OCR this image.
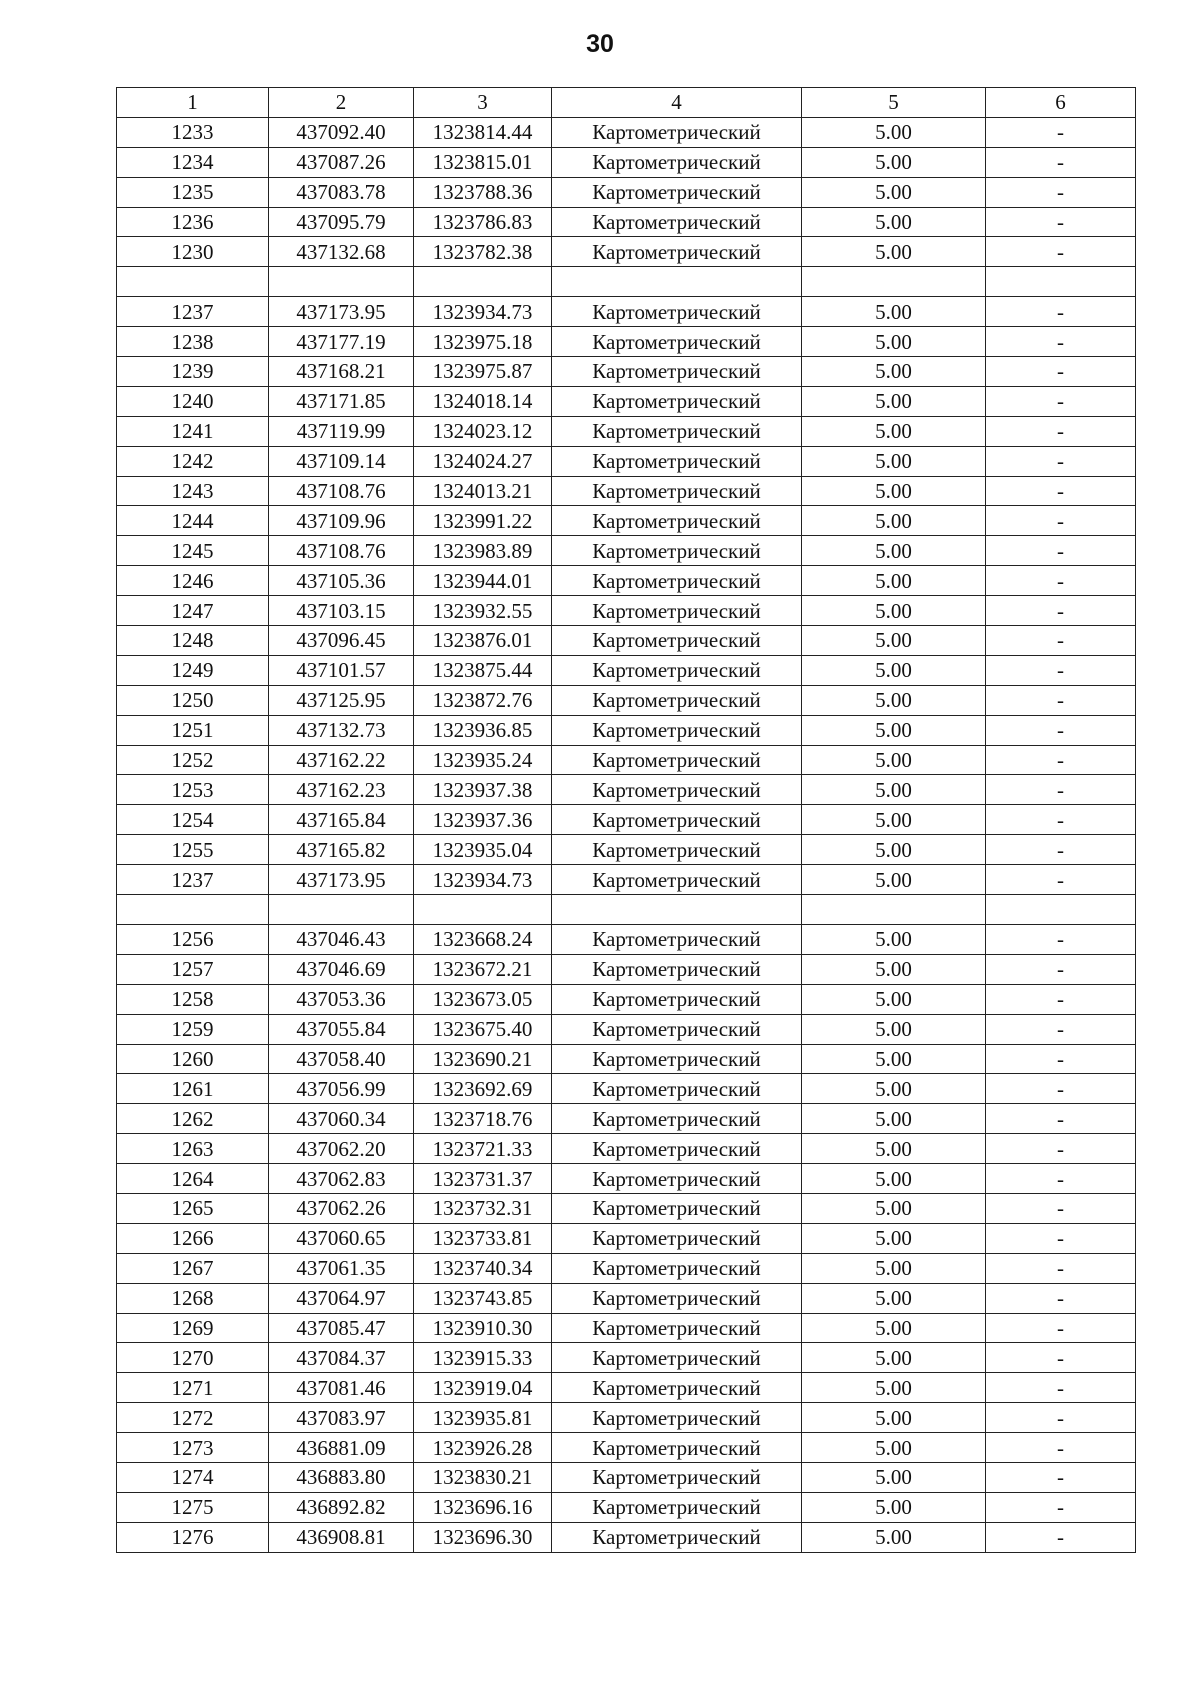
30
1	2	3	4	5	6
1233	437092.40	1323814.44	Картометрический	5.00	-
1234	437087.26	1323815.01	Картометрический	5.00	-
1235	437083.78	1323788.36	Картометрический	5.00	-
1236	437095.79	1323786.83	Картометрический	5.00	-
1230	437132.68	1323782.38	Картометрический	5.00	-

1237	437173.95	1323934.73	Картометрический	5.00	-
1238	437177.19	1323975.18	Картометрический	5.00	-
1239	437168.21	1323975.87	Картометрический	5.00	-
1240	437171.85	1324018.14	Картометрический	5.00	-
1241	437119.99	1324023.12	Картометрический	5.00	-
1242	437109.14	1324024.27	Картометрический	5.00	-
1243	437108.76	1324013.21	Картометрический	5.00	-
1244	437109.96	1323991.22	Картометрический	5.00	-
1245	437108.76	1323983.89	Картометрический	5.00	-
1246	437105.36	1323944.01	Картометрический	5.00	-
1247	437103.15	1323932.55	Картометрический	5.00	-
1248	437096.45	1323876.01	Картометрический	5.00	-
1249	437101.57	1323875.44	Картометрический	5.00	-
1250	437125.95	1323872.76	Картометрический	5.00	-
1251	437132.73	1323936.85	Картометрический	5.00	-
1252	437162.22	1323935.24	Картометрический	5.00	-
1253	437162.23	1323937.38	Картометрический	5.00	-
1254	437165.84	1323937.36	Картометрический	5.00	-
1255	437165.82	1323935.04	Картометрический	5.00	-
1237	437173.95	1323934.73	Картометрический	5.00	-

1256	437046.43	1323668.24	Картометрический	5.00	-
1257	437046.69	1323672.21	Картометрический	5.00	-
1258	437053.36	1323673.05	Картометрический	5.00	-
1259	437055.84	1323675.40	Картометрический	5.00	-
1260	437058.40	1323690.21	Картометрический	5.00	-
1261	437056.99	1323692.69	Картометрический	5.00	-
1262	437060.34	1323718.76	Картометрический	5.00	-
1263	437062.20	1323721.33	Картометрический	5.00	-
1264	437062.83	1323731.37	Картометрический	5.00	-
1265	437062.26	1323732.31	Картометрический	5.00	-
1266	437060.65	1323733.81	Картометрический	5.00	-
1267	437061.35	1323740.34	Картометрический	5.00	-
1268	437064.97	1323743.85	Картометрический	5.00	-
1269	437085.47	1323910.30	Картометрический	5.00	-
1270	437084.37	1323915.33	Картометрический	5.00	-
1271	437081.46	1323919.04	Картометрический	5.00	-
1272	437083.97	1323935.81	Картометрический	5.00	-
1273	436881.09	1323926.28	Картометрический	5.00	-
1274	436883.80	1323830.21	Картометрический	5.00	-
1275	436892.82	1323696.16	Картометрический	5.00	-
1276	436908.81	1323696.30	Картометрический	5.00	-
